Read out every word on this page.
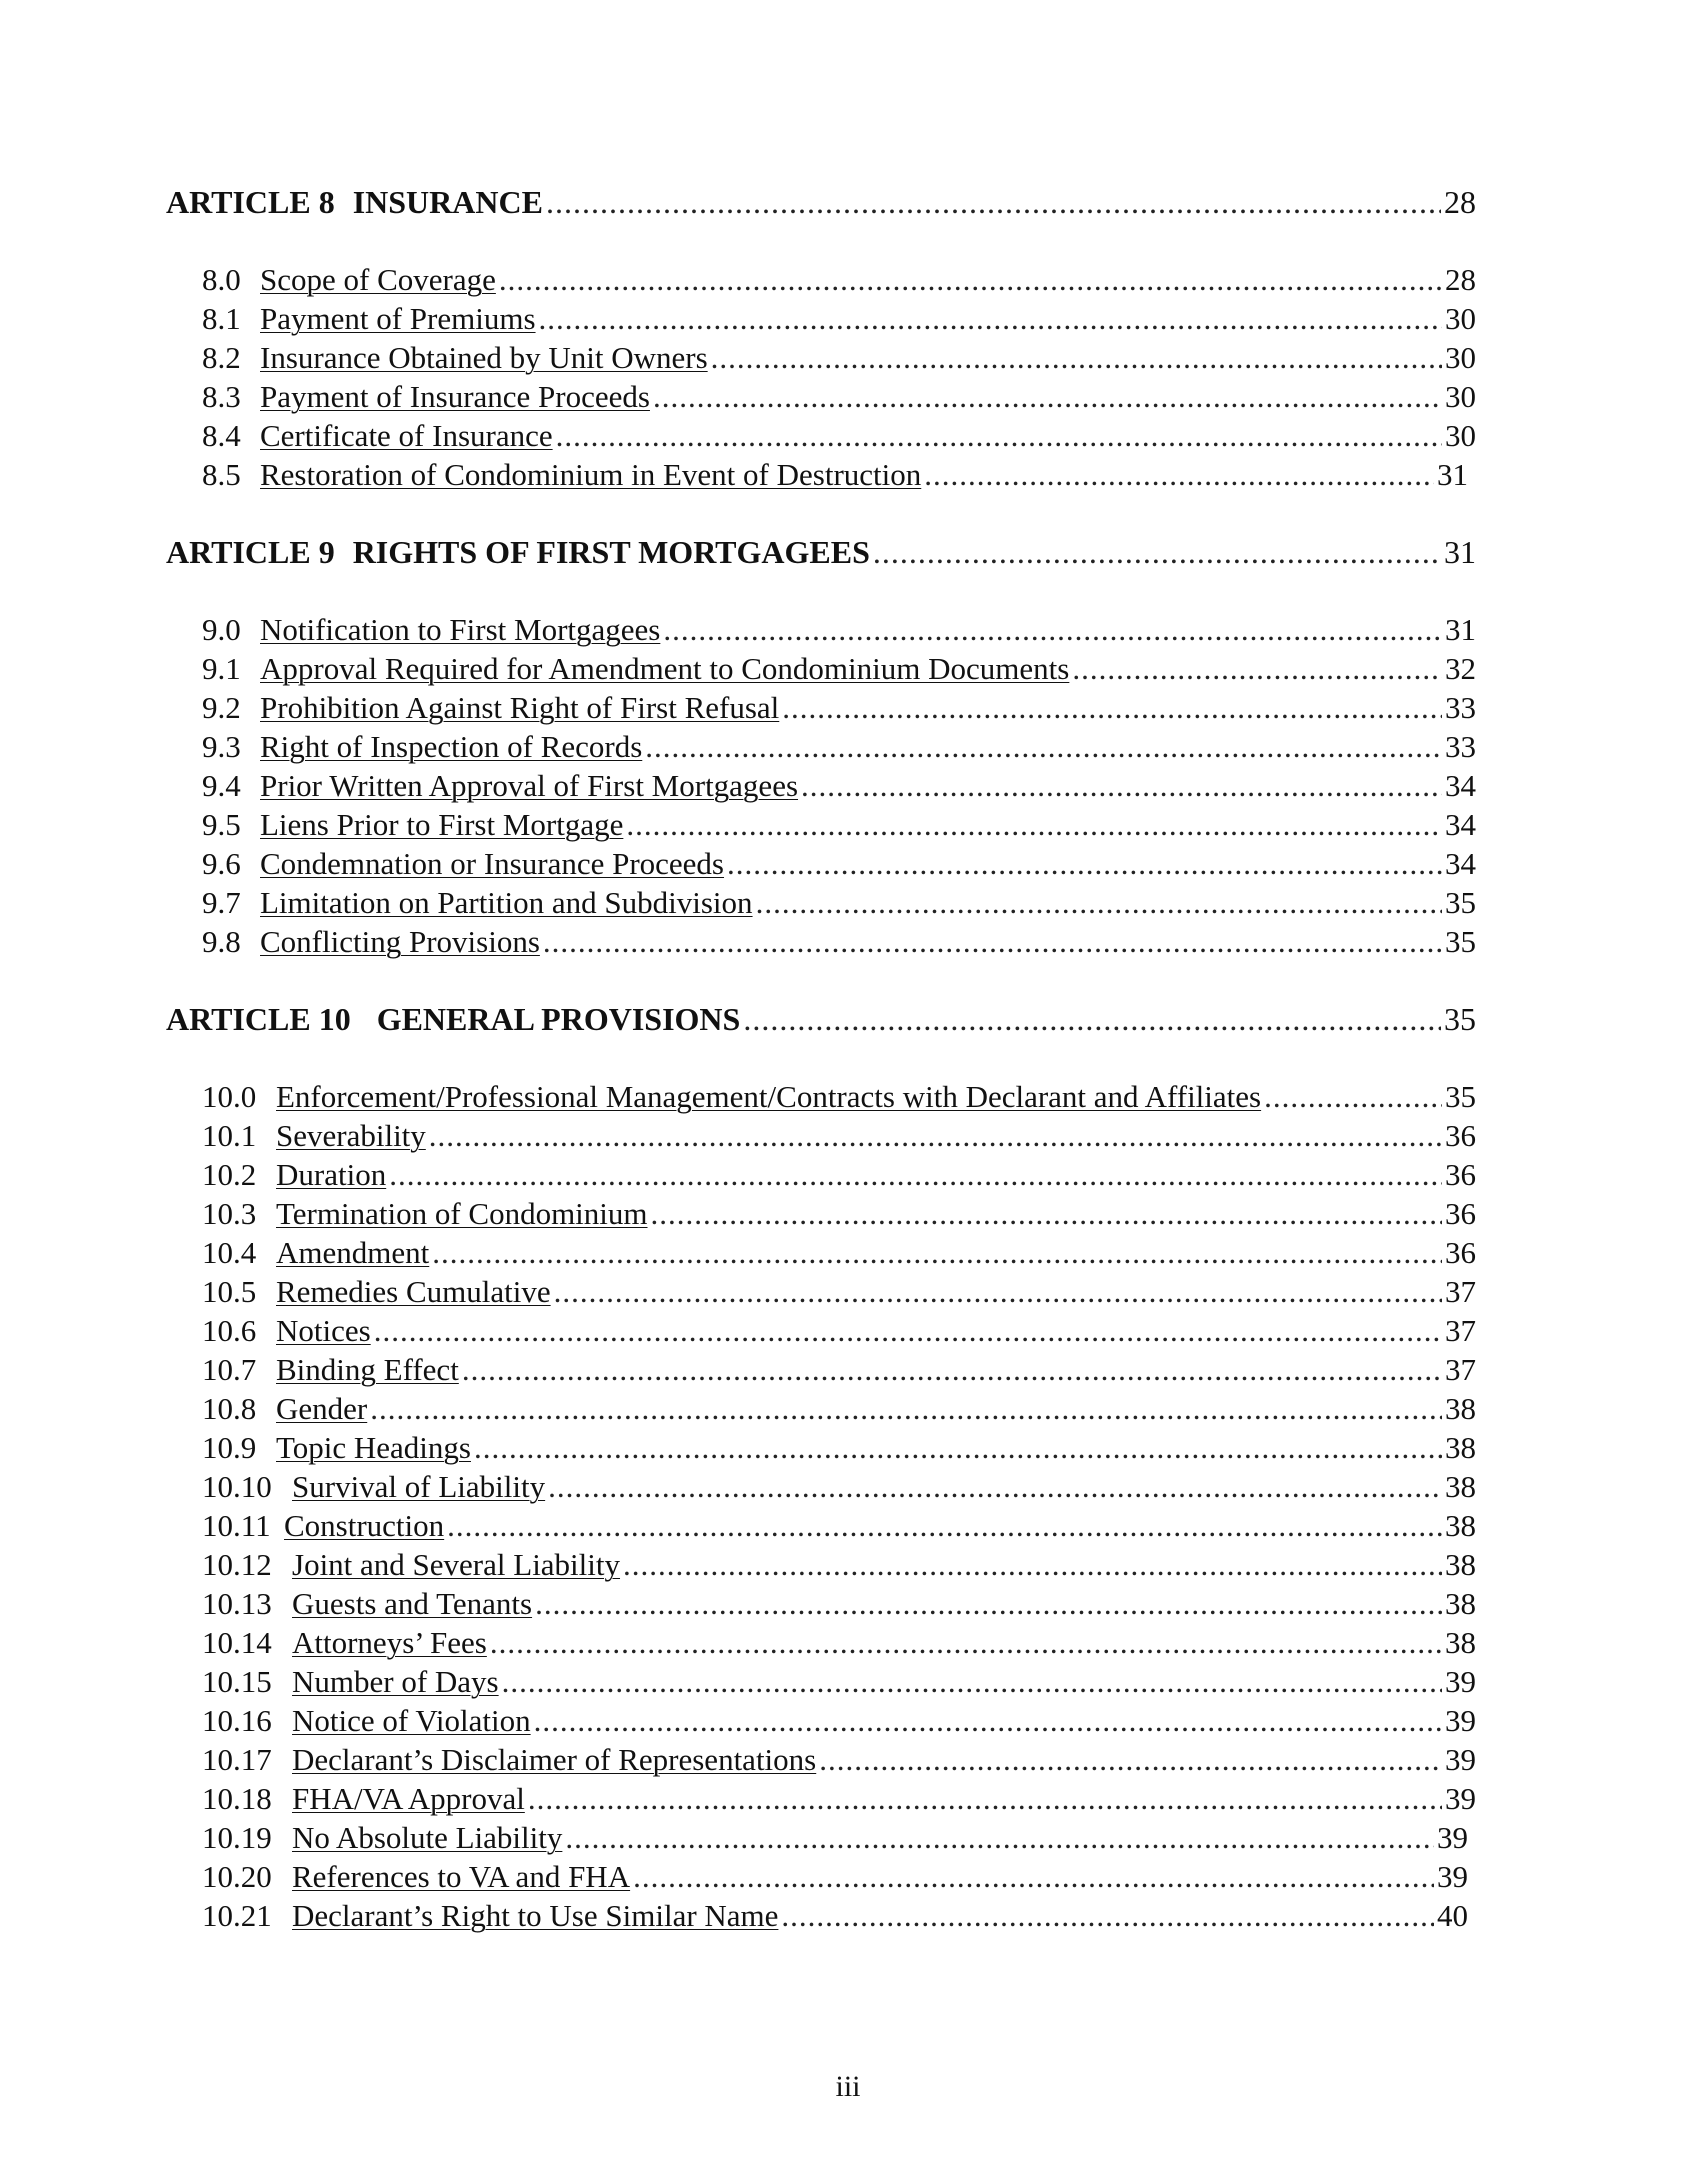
ARTICLE 8 INSURANCE .....	28
8.0 Scope of Coverage .....	28
8.1 Payment of Premiums .....	30
8.2 Insurance Obtained by Unit Owners .....	30
8.3 Payment of Insurance Proceeds .....	30
8.4 Certificate of Insurance .....	30
8.5 Restoration of Condominium in Event of Destruction .....	31
ARTICLE 9 RIGHTS OF FIRST MORTGAGEES .....	31
9.0 Notification to First Mortgagees .....	31
9.1 Approval Required for Amendment to Condominium Documents .....	32
9.2 Prohibition Against Right of First Refusal .....	33
9.3 Right of Inspection of Records .....	33
9.4 Prior Written Approval of First Mortgagees .....	34
9.5 Liens Prior to First Mortgage .....	34
9.6 Condemnation or Insurance Proceeds .....	34
9.7 Limitation on Partition and Subdivision .....	35
9.8 Conflicting Provisions .....	35
ARTICLE 10 GENERAL PROVISIONS .....	35
10.0 Enforcement/Professional Management/Contracts with Declarant and Affiliates .....	35
10.1 Severability .....	36
10.2 Duration .....	36
10.3 Termination of Condominium .....	36
10.4 Amendment .....	36
10.5 Remedies Cumulative .....	37
10.6 Notices .....	37
10.7 Binding Effect .....	37
10.8 Gender .....	38
10.9 Topic Headings .....	38
10.10 Survival of Liability .....	38
10.11 Construction .....	38
10.12 Joint and Several Liability .....	38
10.13 Guests and Tenants .....	38
10.14 Attorneys’ Fees .....	38
10.15 Number of Days .....	39
10.16 Notice of Violation .....	39
10.17 Declarant’s Disclaimer of Representations .....	39
10.18 FHA/VA Approval .....	39
10.19 No Absolute Liability .....	39
10.20 References to VA and FHA .....	39
10.21 Declarant’s Right to Use Similar Name .....	40
iii
